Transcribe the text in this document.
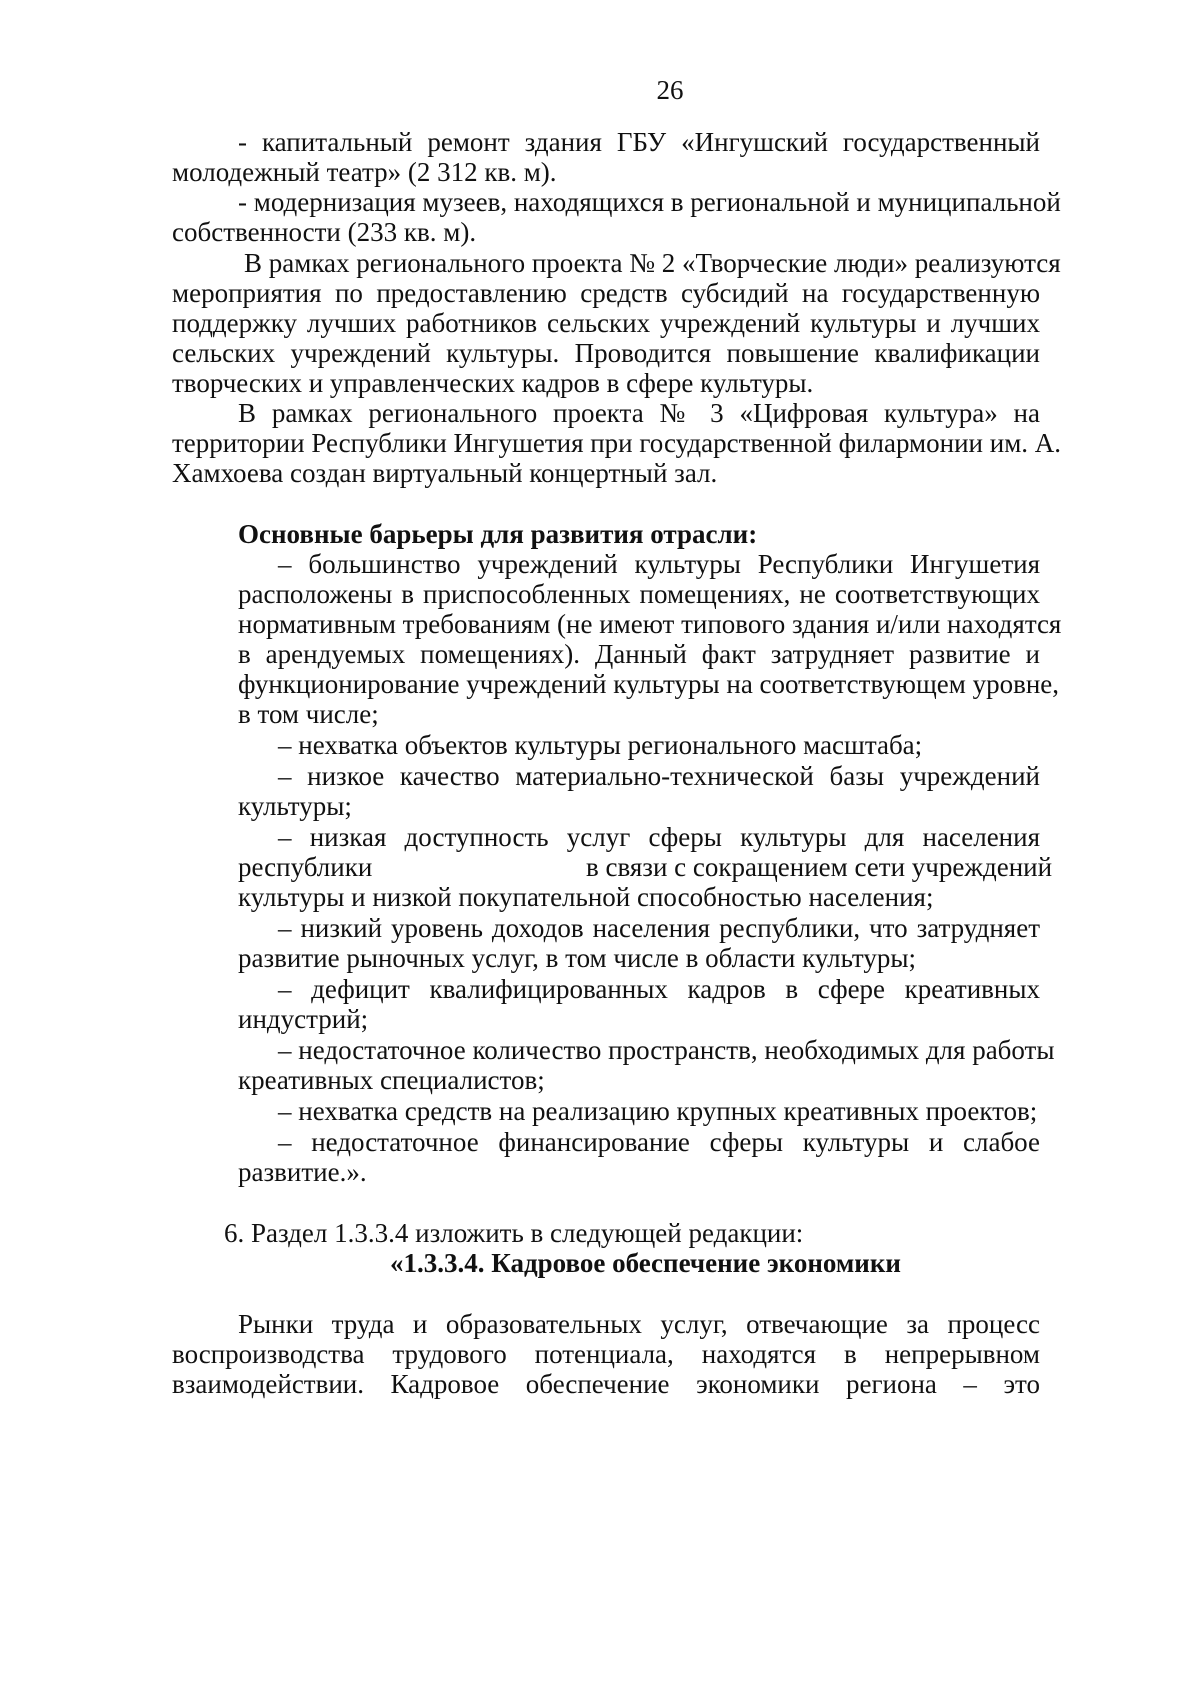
26
- капитальный ремонт здания ГБУ «Ингушский государственный
молодежный театр» (2 312 кв. м).
- модернизация музеев, находящихся в региональной и муниципальной
собственности (233 кв. м).
В рамках регионального проекта № 2 «Творческие люди» реализуются
мероприятия по предоставлению средств субсидий на государственную
поддержку лучших работников сельских учреждений культуры и лучших
сельских учреждений культуры. Проводится повышение квалификации
творческих и управленческих кадров в сфере культуры.
В рамках регионального проекта № 3 «Цифровая культура» на
территории Республики Ингушетия при государственной филармонии им. А.
Хамхоева создан виртуальный концертный зал.
Основные барьеры для развития отрасли:
– большинство учреждений культуры Республики Ингушетия
расположены в приспособленных помещениях, не соответствующих
нормативным требованиям (не имеют типового здания и/или находятся
в арендуемых помещениях). Данный факт затрудняет развитие и
функционирование учреждений культуры на соответствующем уровне,
в том числе;
– нехватка объектов культуры регионального масштаба;
– низкое качество материально-технической базы учреждений
культуры;
– низкая доступность услуг сферы культуры для населения
республики	в связи с сокращением сети учреждений
культуры и низкой покупательной способностью населения;
– низкий уровень доходов населения республики, что затрудняет
развитие рыночных услуг, в том числе в области культуры;
– дефицит квалифицированных кадров в сфере креативных
индустрий;
– недостаточное количество пространств, необходимых для работы
креативных специалистов;
– нехватка средств на реализацию крупных креативных проектов;
– недостаточное финансирование сферы культуры и слабое
развитие.».
6. Раздел 1.3.3.4 изложить в следующей редакции:
«1.3.3.4. Кадровое обеспечение экономики
Рынки труда и образовательных услуг, отвечающие за процесс
воспроизводства трудового потенциала, находятся в непрерывном
взаимодействии. Кадровое обеспечение экономики региона – это
